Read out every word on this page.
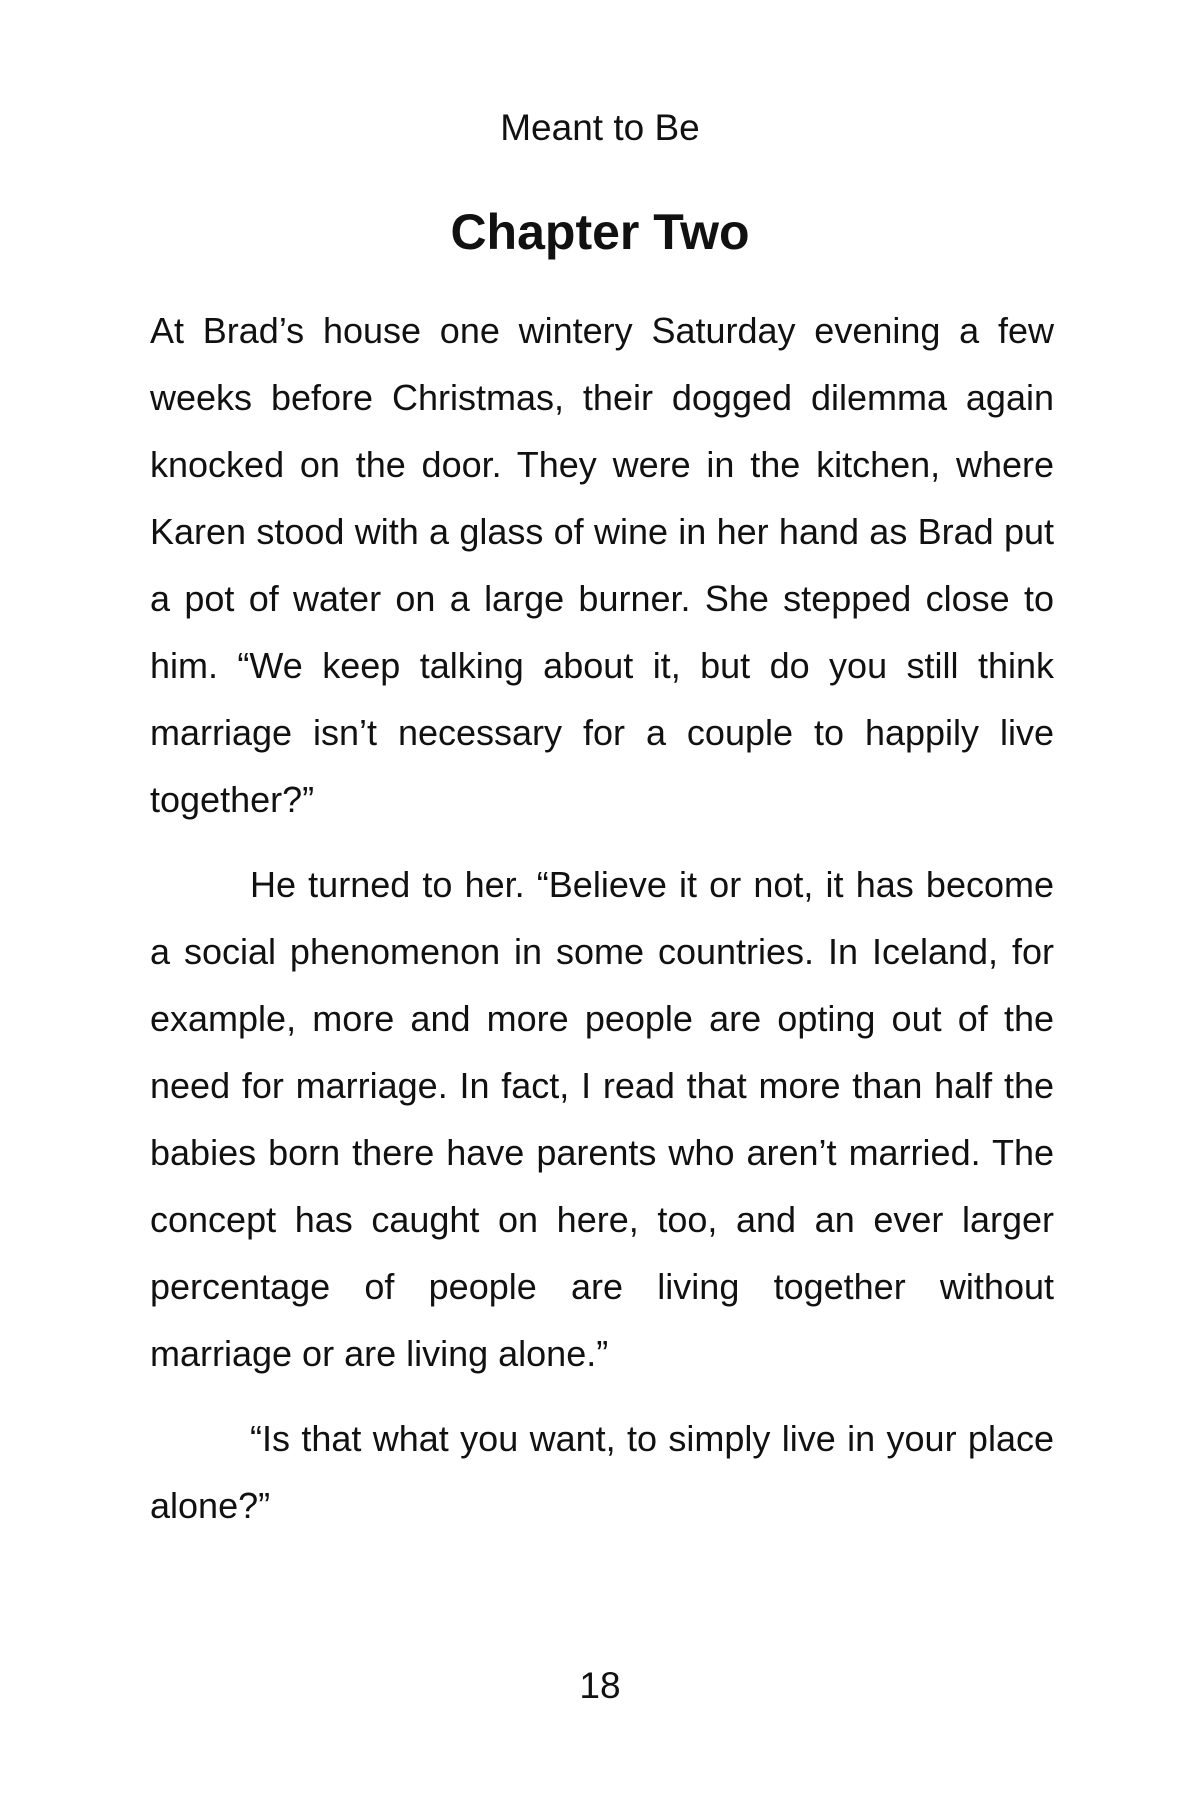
Meant to Be
Chapter Two

At Brad’s house one wintery Saturday evening a few weeks before Christmas, their dogged dilemma again knocked on the door. They were in the kitchen, where Karen stood with a glass of wine in her hand as Brad put a pot of water on a large burner. She stepped close to him. “We keep talking about it, but do you still think marriage isn’t necessary for a couple to happily live together?”

He turned to her. “Believe it or not, it has become a social phenomenon in some countries. In Iceland, for example, more and more people are opting out of the need for marriage. In fact, I read that more than half the babies born there have parents who aren’t married. The concept has caught on here, too, and an ever larger percentage of people are living together without marriage or are living alone.”

“Is that what you want, to simply live in your place alone?”

18
